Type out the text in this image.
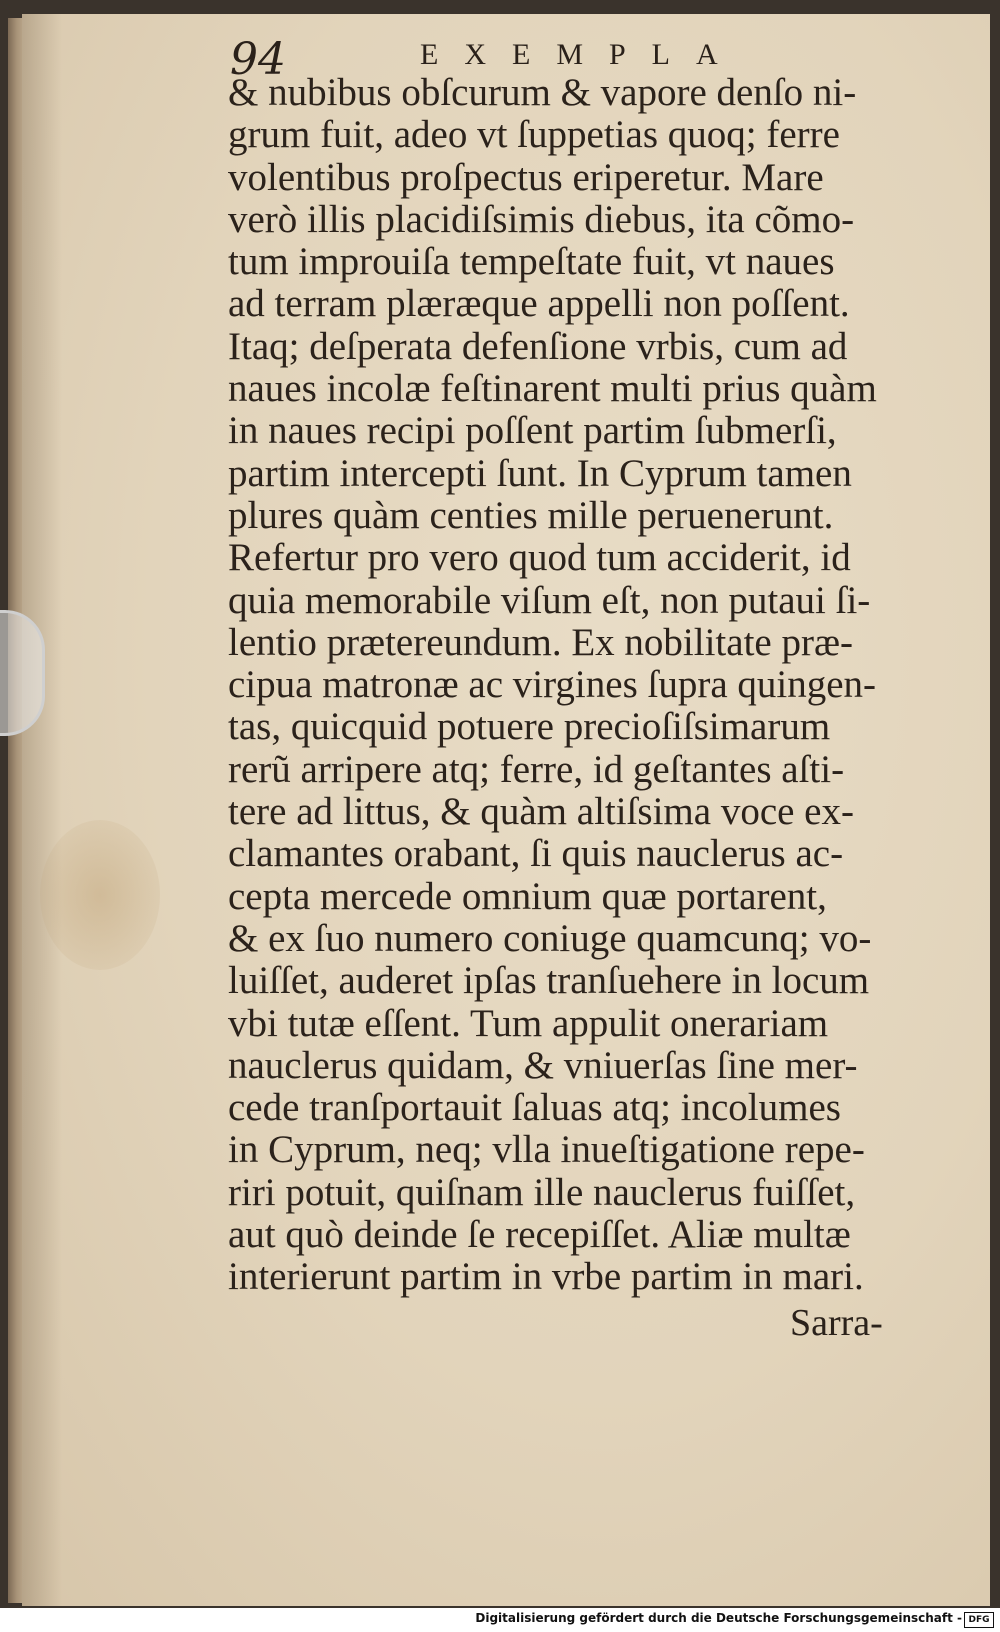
94	EXEMPLA
& nubibus obſcurum & vapore denſo ni-
grum fuit, adeo vt ſuppetias quoq; ferre
volentibus proſpectus eriperetur. Mare
verò illis placidiſsimis diebus, ita cõmo-
tum improuiſa tempeſtate fuit, vt naues
ad terram plæræque appelli non poſſent.
Itaq; deſperata defenſione vrbis, cum ad
naues incolæ feſtinarent multi prius quàm
in naues recipi poſſent partim ſubmerſi,
partim intercepti ſunt. In Cyprum tamen
plures quàm centies mille peruenerunt.
Refertur pro vero quod tum acciderit, id
quia memorabile viſum eſt, non putaui ſi-
lentio prætereundum. Ex nobilitate præ-
cipua matronæ ac virgines ſupra quingen-
tas, quicquid potuere precioſiſsimarum
rerũ arripere atq; ferre, id geſtantes aſti-
tere ad littus, & quàm altiſsima voce ex-
clamantes orabant, ſi quis nauclerus ac-
cepta mercede omnium quæ portarent,
& ex ſuo numero coniuge quamcunq; vo-
luiſſet, auderet ipſas tranſuehere in locum
vbi tutæ eſſent. Tum appulit onerariam
nauclerus quidam, & vniuerſas ſine mer-
cede tranſportauit ſaluas atq; incolumes
in Cyprum, neq; vlla inueſtigatione repe-
riri potuit, quiſnam ille nauclerus fuiſſet,
aut quò deinde ſe recepiſſet. Aliæ multæ
interierunt partim in vrbe partim in mari.
Sarra-
Digitalisierung gefördert durch die Deutsche Forschungsgemeinschaft - DFG
